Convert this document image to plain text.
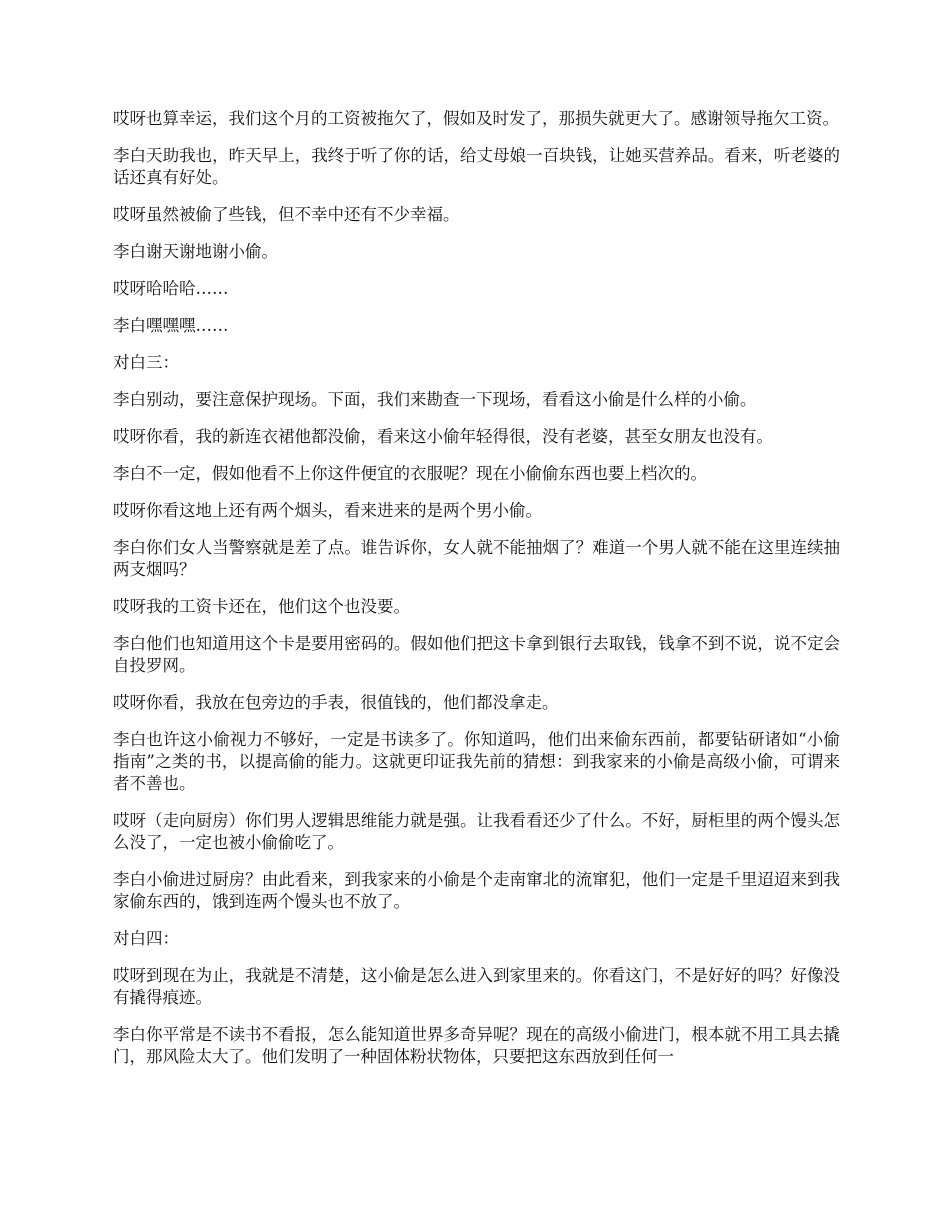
哎呀也算幸运，我们这个月的工资被拖欠了，假如及时发了，那损失就更大了。感谢领导拖欠工资。

李白天助我也，昨天早上，我终于听了你的话，给丈母娘一百块钱，让她买营养品。看来，听老婆的话还真有好处。

哎呀虽然被偷了些钱，但不幸中还有不少幸福。

李白谢天谢地谢小偷。

哎呀哈哈哈……

李白嘿嘿嘿……

对白三：

李白别动，要注意保护现场。下面，我们来勘查一下现场，看看这小偷是什么样的小偷。

哎呀你看，我的新连衣裙他都没偷，看来这小偷年轻得很，没有老婆，甚至女朋友也没有。

李白不一定，假如他看不上你这件便宜的衣服呢？现在小偷偷东西也要上档次的。

哎呀你看这地上还有两个烟头，看来进来的是两个男小偷。

李白你们女人当警察就是差了点。谁告诉你，女人就不能抽烟了？难道一个男人就不能在这里连续抽两支烟吗？

哎呀我的工资卡还在，他们这个也没要。

李白他们也知道用这个卡是要用密码的。假如他们把这卡拿到银行去取钱，钱拿不到不说，说不定会自投罗网。

哎呀你看，我放在包旁边的手表，很值钱的，他们都没拿走。

李白也许这小偷视力不够好，一定是书读多了。你知道吗，他们出来偷东西前，都要钻研诸如“小偷指南”之类的书，以提高偷的能力。这就更印证我先前的猜想：到我家来的小偷是高级小偷，可谓来者不善也。

哎呀（走向厨房）你们男人逻辑思维能力就是强。让我看看还少了什么。不好，厨柜里的两个馒头怎么没了，一定也被小偷偷吃了。

李白小偷进过厨房？由此看来，到我家来的小偷是个走南窜北的流窜犯，他们一定是千里迢迢来到我家偷东西的，饿到连两个馒头也不放了。

对白四：

哎呀到现在为止，我就是不清楚，这小偷是怎么进入到家里来的。你看这门，不是好好的吗？好像没有撬得痕迹。

李白你平常是不读书不看报，怎么能知道世界多奇异呢？现在的高级小偷进门，根本就不用工具去撬门，那风险太大了。他们发明了一种固体粉状物体，只要把这东西放到任何一
